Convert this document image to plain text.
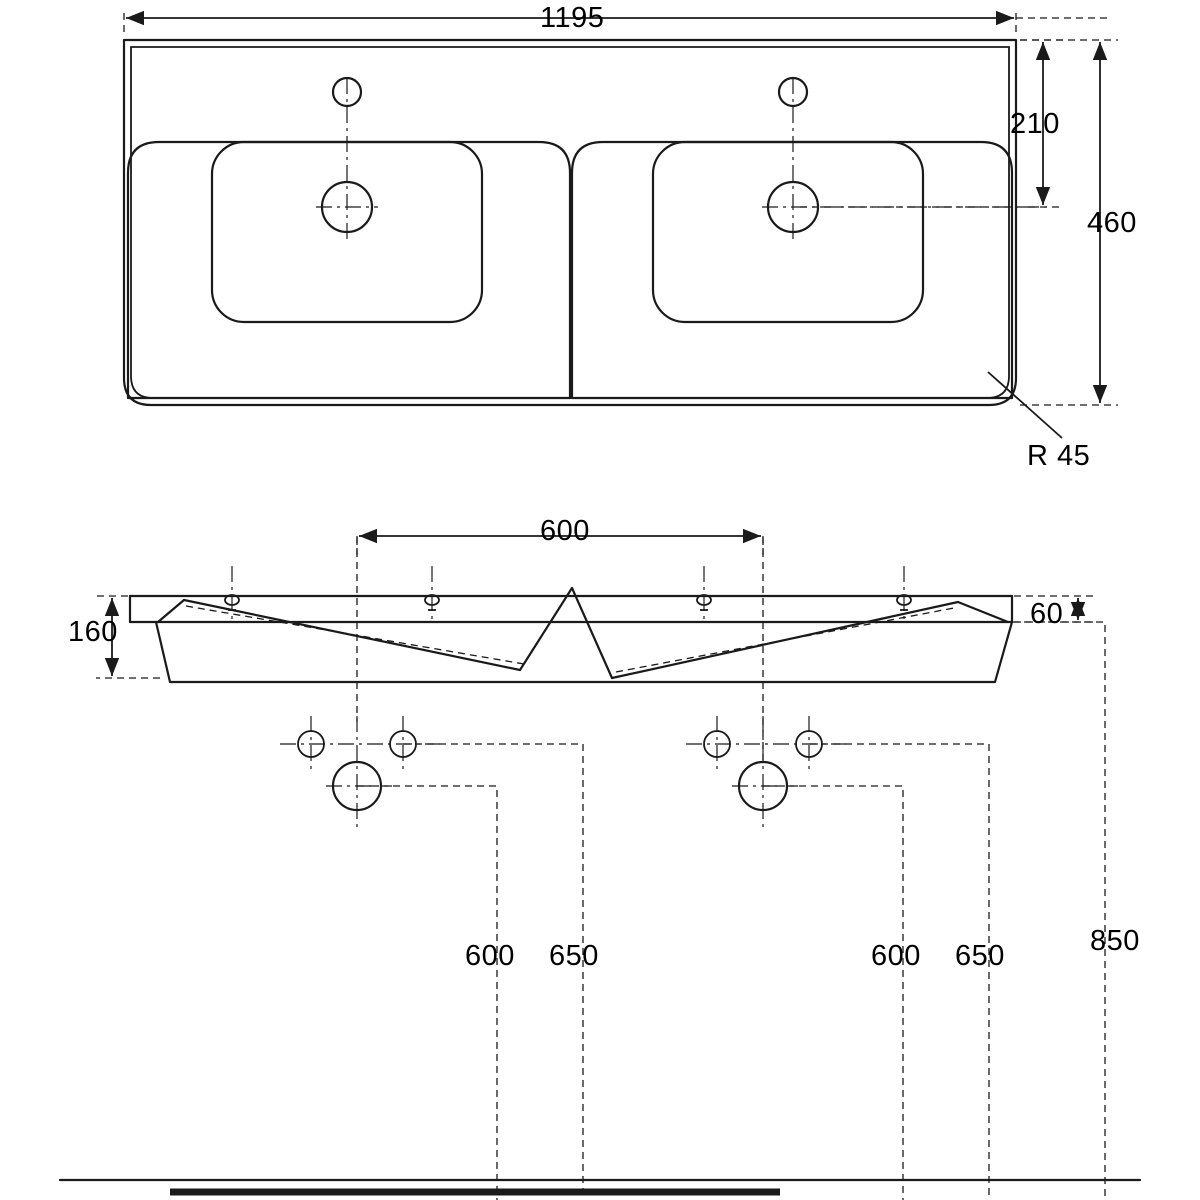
1195
210
460
R 45
600
60
160
600 650	600 650	850
